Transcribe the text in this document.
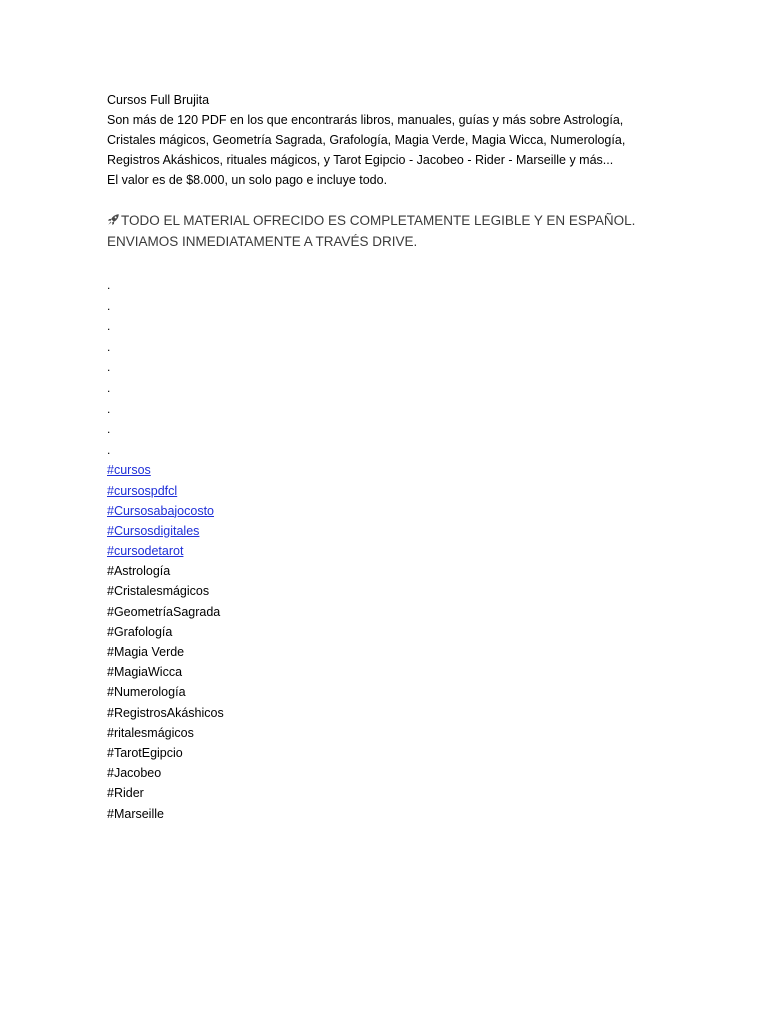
Cursos Full Brujita

Son más de 120 PDF en los que encontrarás libros, manuales, guías y más sobre Astrología,

Cristales mágicos, Geometría Sagrada, Grafología, Magia Verde, Magia Wicca, Numerología,

Registros Akáshicos, rituales mágicos, y Tarot Egipcio - Jacobeo - Rider - Marseille y más...

El valor es de $8.000, un solo pago e incluye todo.

TODO EL MATERIAL OFRECIDO ES COMPLETAMENTE LEGIBLE Y EN ESPAÑOL.

ENVIAMOS INMEDIATAMENTE A TRAVÉS DRIVE.

.
.
.
.
.
.
.
.
.
#cursos
#cursospdfcl
#Cursosabajocosto
#Cursosdigitales
#cursodetarot
#Astrología
#Cristalesmágicos
#GeometríaSagrada
#Grafología
#Magia Verde
#MagiaWicca
#Numerología
#RegistrosAkáshicos
#ritalesmágicos
#TarotEgipcio
#Jacobeo
#Rider
#Marseille
